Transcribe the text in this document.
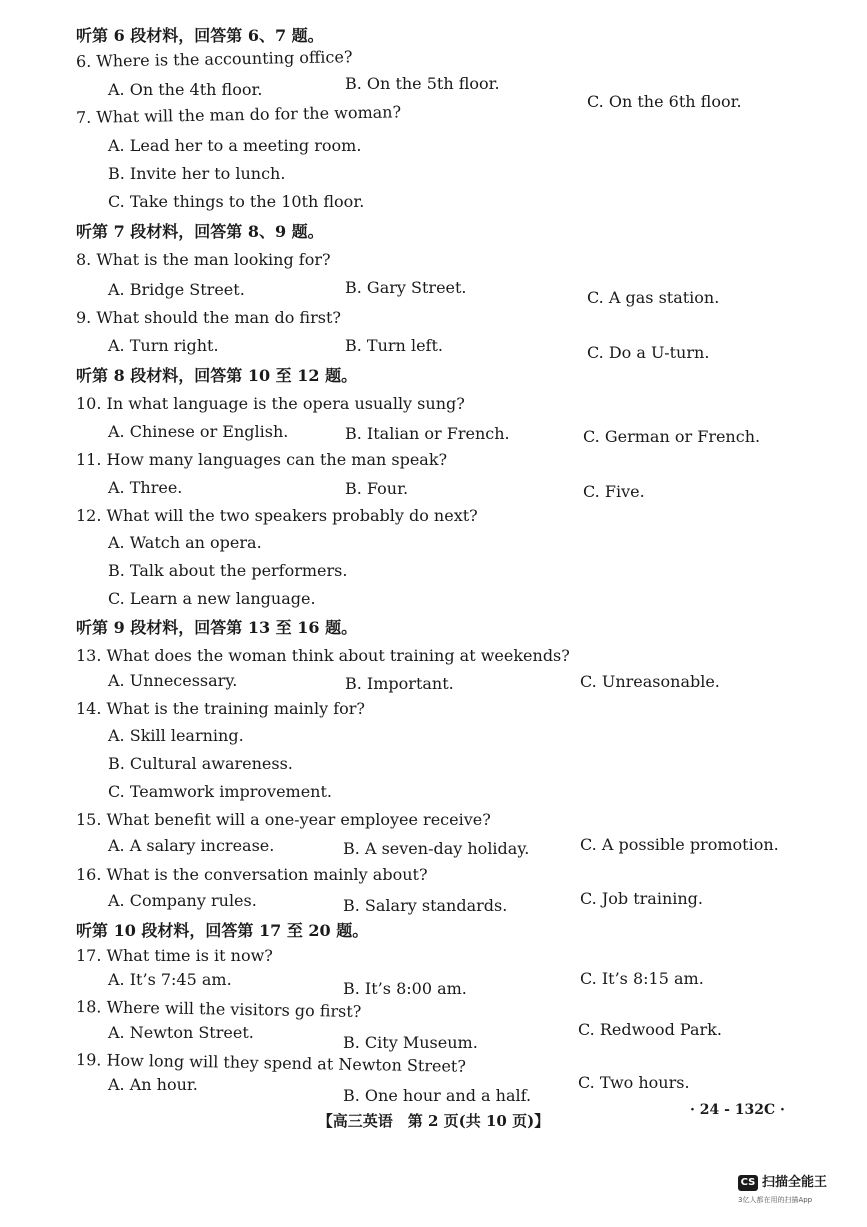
听第 6 段材料，回答第 6、7 题。
6. Where is the accounting office?
A. On the 4th floor.	B. On the 5th floor.
C. On the 6th floor.
7. What will the man do for the woman?
A. Lead her to a meeting room.
B. Invite her to lunch.
C. Take things to the 10th floor.
听第 7 段材料，回答第 8、9 题。
8. What is the man looking for?
A. Bridge Street.	B. Gary Street.
C. A gas station.
9. What should the man do first?
A. Turn right.	B. Turn left.	C. Do a U-turn.
听第 8 段材料，回答第 10 至 12 题。
10. In what language is the opera usually sung?
A. Chinese or English.	B. Italian or French.	C. German or French.
11. How many languages can the man speak?
A. Three.	B. Four.	C. Five.
12. What will the two speakers probably do next?
A. Watch an opera.
B. Talk about the performers.
C. Learn a new language.
听第 9 段材料，回答第 13 至 16 题。
13. What does the woman think about training at weekends?
A. Unnecessary.	B. Important.	C. Unreasonable.
14. What is the training mainly for?
A. Skill learning.
B. Cultural awareness.
C. Teamwork improvement.
15. What benefit will a one-year employee receive?
A. A salary increase.	B. A seven-day holiday.	C. A possible promotion.
16. What is the conversation mainly about?
A. Company rules.	B. Salary standards.	C. Job training.
听第 10 段材料，回答第 17 至 20 题。
17. What time is it now?
A. It’s 7:45 am.	B. It’s 8:00 am.
C. It’s 8:15 am.
18. Where will the visitors go first?
A. Newton Street.
B. City Museum.
C. Redwood Park.
19. How long will they spend at Newton Street?
A. An hour.
B. One hour and a half.
C. Two hours.
· 24 - 132C ·
【高三英语　第 2 页(共 10 页)】
CS 扫描全能王
3亿人都在用的扫描App
